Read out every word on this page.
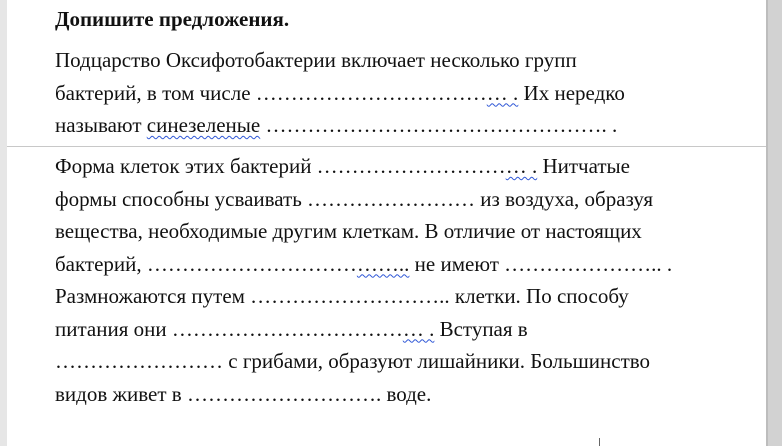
Допишите предложения.
Подцарство Оксифотобактерии включает несколько групп
бактерий, в том числе ……………………………… . Их нередко
называют синезеленые …………………………………………. .
Форма клеток этих бактерий ………………………… . Нитчатые
формы способны усваивать …………………… из воздуха, образуя
вещества, необходимые другим клеткам. В отличие от настоящих
бактерий, ……………………………….. не имеют ………………….. .
Размножаются путем ……………………….. клетки. По способу
питания они ……………………………… . Вступая в
…………………… с грибами, образуют лишайники. Большинство
видов живет в ………………………. воде.
